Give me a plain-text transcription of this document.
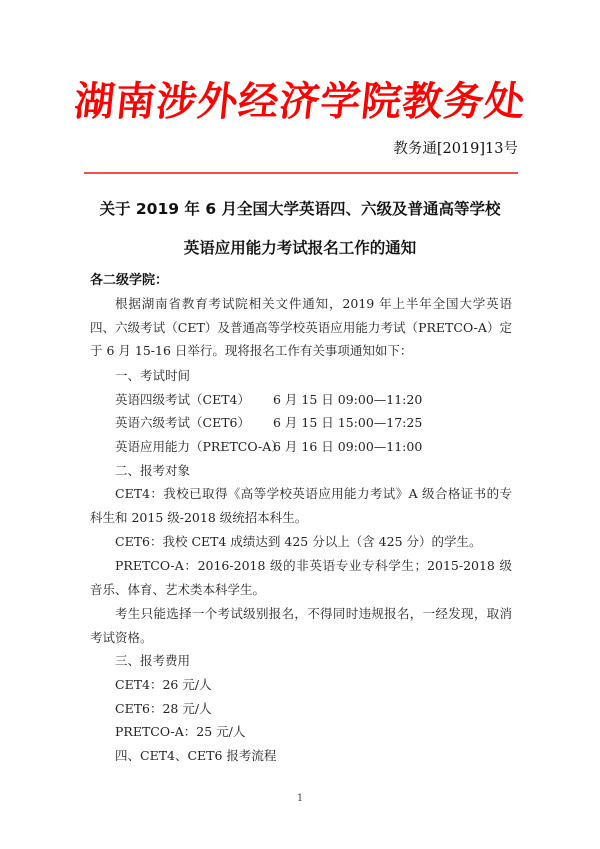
湖南涉外经济学院教务处
教务通[2019]13号
关于 2019 年 6 月全国大学英语四、六级及普通高等学校
英语应用能力考试报名工作的通知
各二级学院：
根据湖南省教育考试院相关文件通知，2019 年上半年全国大学英语四、六级考试（CET）及普通高等学校英语应用能力考试（PRETCO-A）定于 6 月 15-16 日举行。现将报名工作有关事项通知如下：
一、考试时间
英语四级考试（CET4） 6 月 15 日 09:00—11:20
英语六级考试（CET6） 6 月 15 日 15:00—17:25
英语应用能力（PRETCO-A）6 月 16 日 09:00—11:00
二、报考对象
CET4：我校已取得《高等学校英语应用能力考试》A 级合格证书的专科生和 2015 级-2018 级统招本科生。
CET6：我校 CET4 成绩达到 425 分以上（含 425 分）的学生。
PRETCO-A：2016-2018 级的非英语专业专科学生；2015-2018 级音乐、体育、艺术类本科学生。
考生只能选择一个考试级别报名，不得同时违规报名，一经发现，取消考试资格。
三、报考费用
CET4：26 元/人
CET6：28 元/人
PRETCO-A：25 元/人
四、CET4、CET6 报考流程
1
